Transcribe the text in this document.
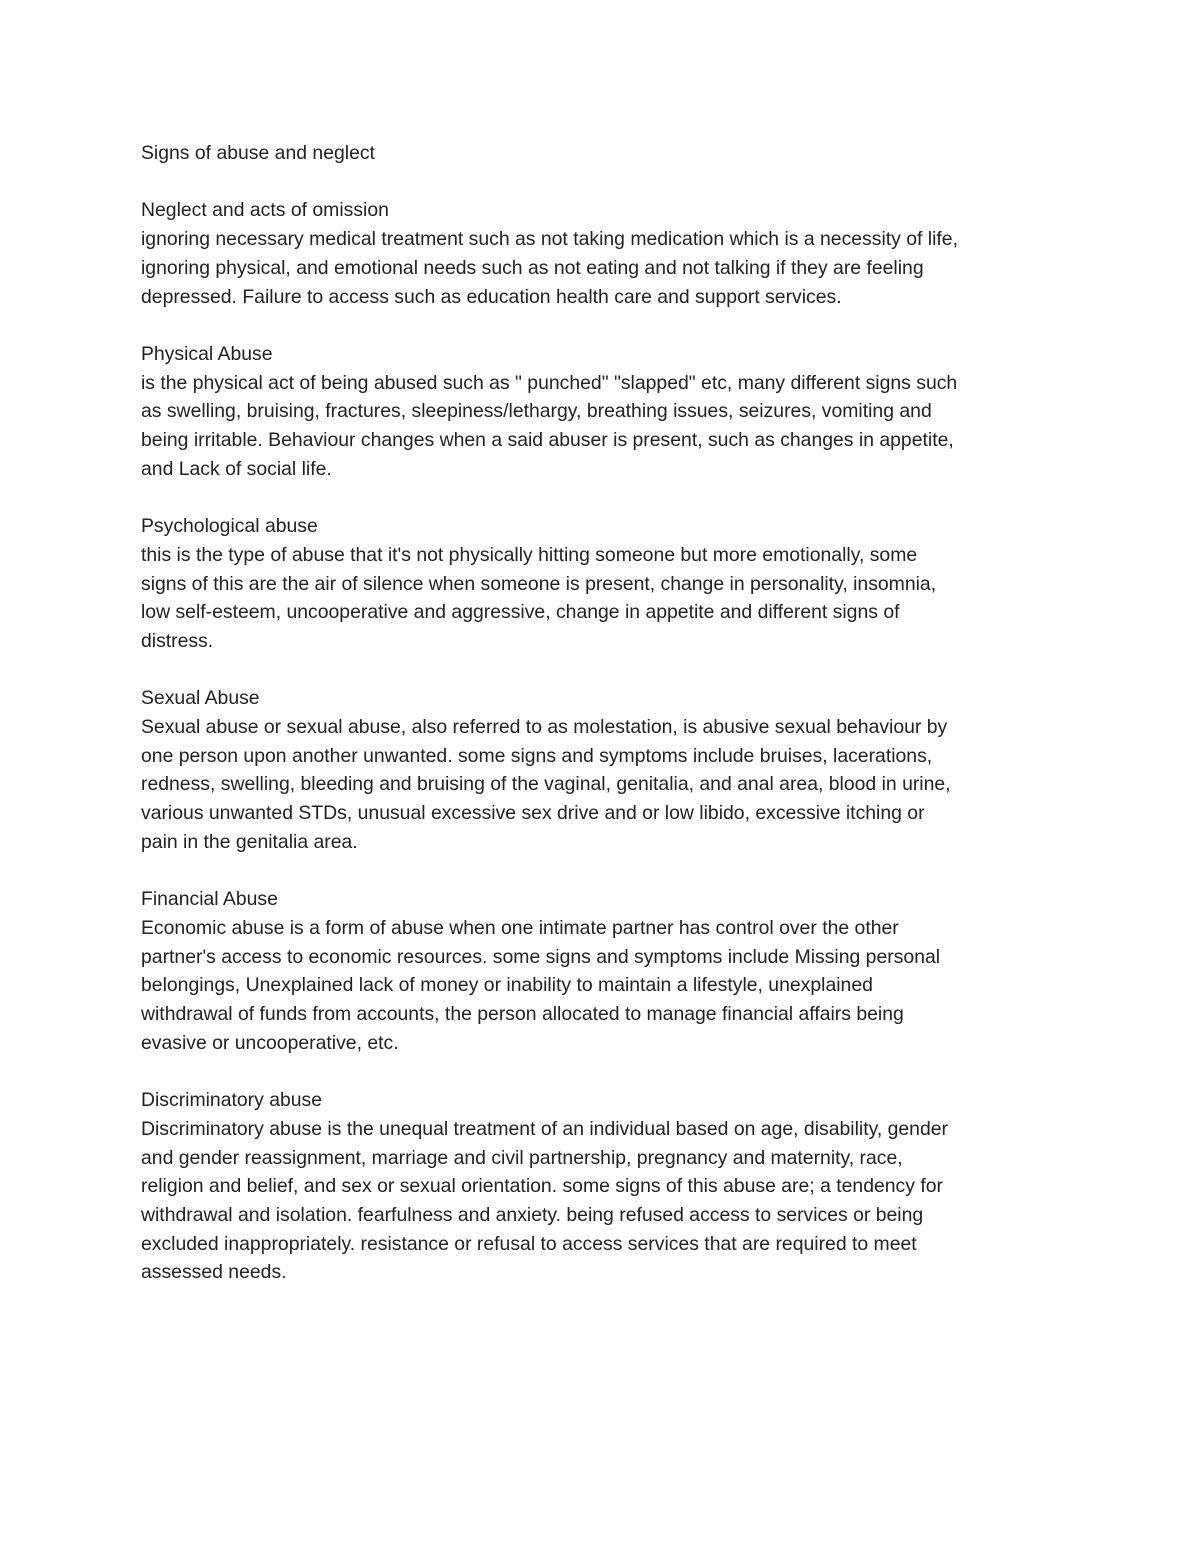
Signs of abuse and neglect
Neglect and acts of omission
ignoring necessary medical treatment such as not taking medication which is a necessity of life,
ignoring physical, and emotional needs such as not eating and not talking if they are feeling
depressed. Failure to access such as education health care and support services.
Physical Abuse
is the physical act of being abused such as " punched" "slapped" etc, many different signs such
as swelling, bruising, fractures, sleepiness/lethargy, breathing issues, seizures, vomiting and
being irritable. Behaviour changes when a said abuser is present, such as changes in appetite,
and Lack of social life.
Psychological abuse
this is the type of abuse that it's not physically hitting someone but more emotionally, some
signs of this are the air of silence when someone is present, change in personality, insomnia,
low self-esteem, uncooperative and aggressive, change in appetite and different signs of
distress.
Sexual Abuse
Sexual abuse or sexual abuse, also referred to as molestation, is abusive sexual behaviour by
one person upon another unwanted. some signs and symptoms include bruises, lacerations,
redness, swelling, bleeding and bruising of the vaginal, genitalia, and anal area, blood in urine,
various unwanted STDs, unusual excessive sex drive and or low libido, excessive itching or
pain in the genitalia area.
Financial Abuse
Economic abuse is a form of abuse when one intimate partner has control over the other
partner's access to economic resources. some signs and symptoms include Missing personal
belongings, Unexplained lack of money or inability to maintain a lifestyle, unexplained
withdrawal of funds from accounts, the person allocated to manage financial affairs being
evasive or uncooperative, etc.
Discriminatory abuse
Discriminatory abuse is the unequal treatment of an individual based on age, disability, gender
and gender reassignment, marriage and civil partnership, pregnancy and maternity, race,
religion and belief, and sex or sexual orientation. some signs of this abuse are; a tendency for
withdrawal and isolation. fearfulness and anxiety. being refused access to services or being
excluded inappropriately. resistance or refusal to access services that are required to meet
assessed needs.
